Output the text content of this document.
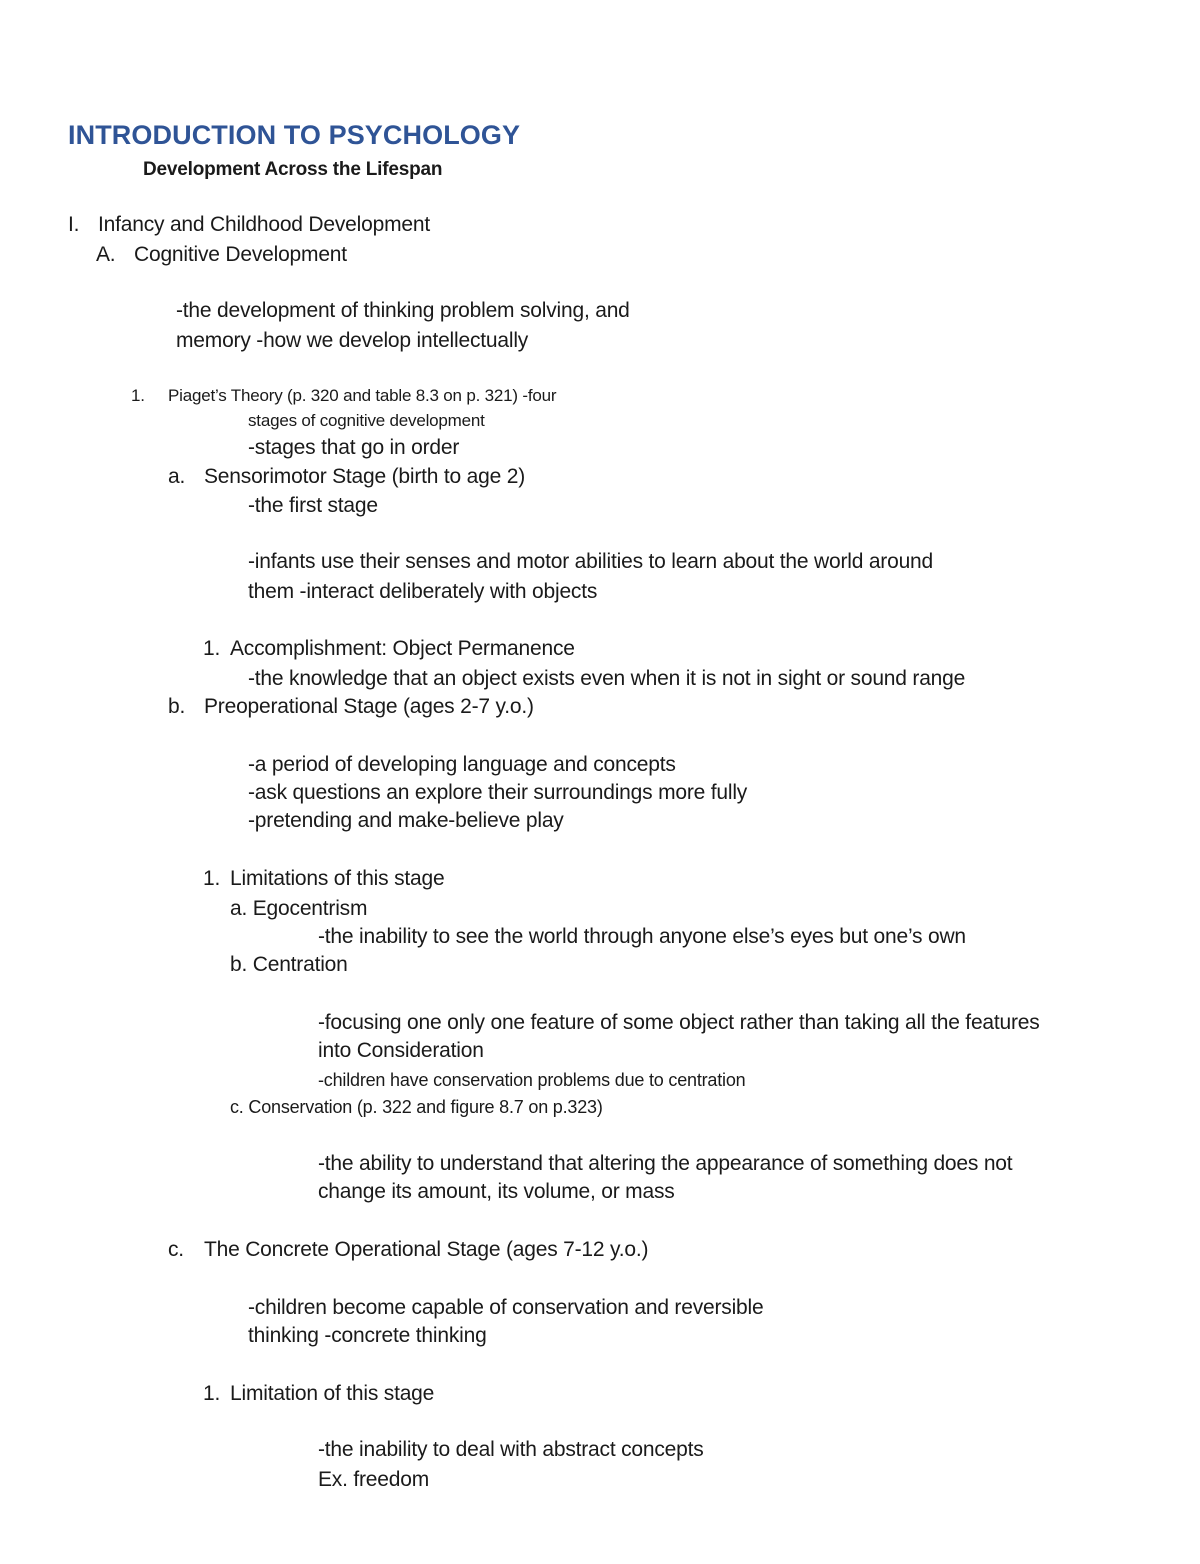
INTRODUCTION TO PSYCHOLOGY
Development Across the Lifespan
I. Infancy and Childhood Development
A. Cognitive Development
-the development of thinking problem solving, and
memory -how we develop intellectually
1. Piaget’s Theory (p. 320 and table 8.3 on p. 321) -four
stages of cognitive development
-stages that go in order
a. Sensorimotor Stage (birth to age 2)
-the first stage
-infants use their senses and motor abilities to learn about the world around
them -interact deliberately with objects
1. Accomplishment: Object Permanence
-the knowledge that an object exists even when it is not in sight or sound range
b. Preoperational Stage (ages 2-7 y.o.)
-a period of developing language and concepts
-ask questions an explore their surroundings more fully
-pretending and make-believe play
1. Limitations of this stage
a. Egocentrism
-the inability to see the world through anyone else’s eyes but one’s own
b. Centration
-focusing one only one feature of some object rather than taking all the features
into Consideration
-children have conservation problems due to centration
c. Conservation (p. 322 and figure 8.7 on p.323)
-the ability to understand that altering the appearance of something does not
change its amount, its volume, or mass
c. The Concrete Operational Stage (ages 7-12 y.o.)
-children become capable of conservation and reversible
thinking -concrete thinking
1. Limitation of this stage
-the inability to deal with abstract concepts
Ex. freedom
